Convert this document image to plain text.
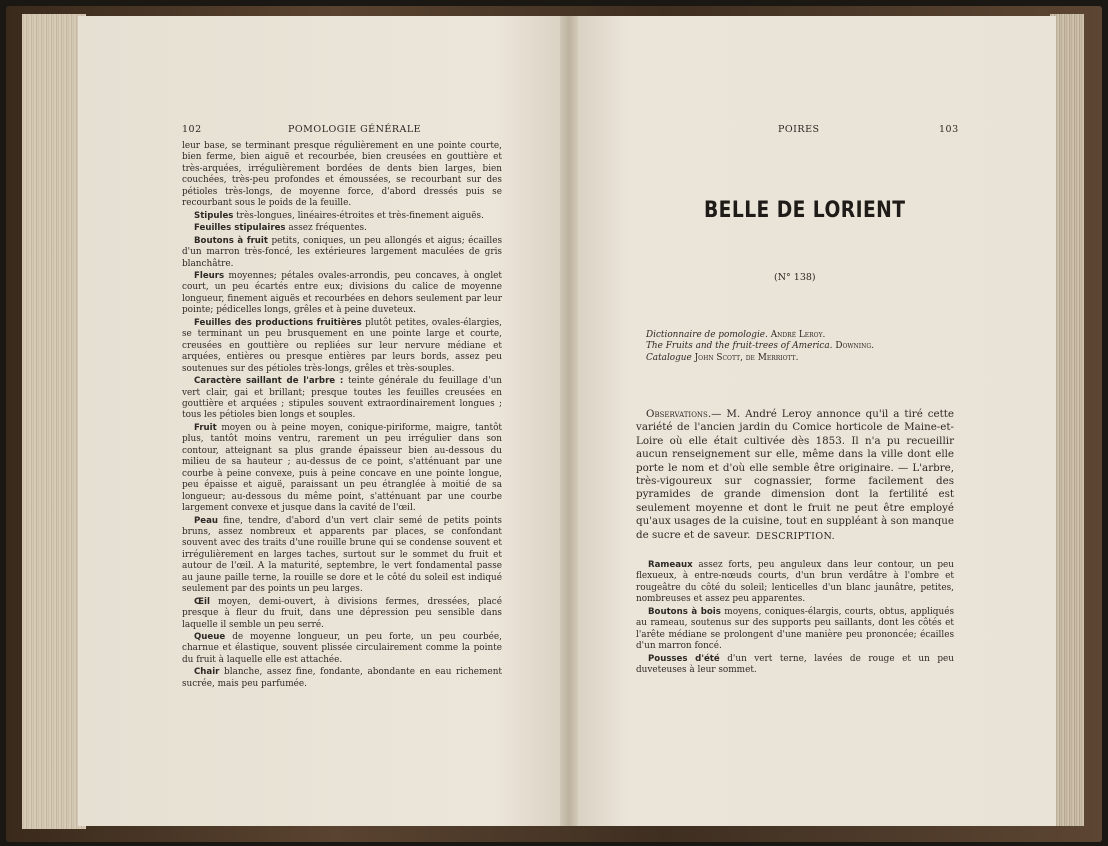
102	POMOLOGIE GÉNÉRALE

leur base, se terminant presque régulièrement en une pointe courte, bien ferme, bien aiguë et recourbée, bien creusées en gouttière et très-arquées, irrégulièrement bordées de dents bien larges, bien couchées, très-peu profondes et émoussées, se recourbant sur des pétioles très-longs, de moyenne force, d'abord dressés puis se recourbant sous le poids de la feuille.

Stipules très-longues, linéaires-étroites et très-finement aiguës.

Feuilles stipulaires assez fréquentes.

Boutons à fruit petits, coniques, un peu allongés et aigus; écailles d'un marron très-foncé, les extérieures largement maculées de gris blanchâtre.

Fleurs moyennes; pétales ovales-arrondis, peu concaves, à onglet court, un peu écartés entre eux; divisions du calice de moyenne longueur, finement aiguës et recourbées en dehors seulement par leur pointe; pédicelles longs, grêles et à peine duveteux.

Feuilles des productions fruitières plutôt petites, ovales-élargies, se terminant un peu brusquement en une pointe large et courte, creusées en gouttière ou repliées sur leur nervure médiane et arquées, entières ou presque entières par leurs bords, assez peu soutenues sur des pétioles très-longs, grêles et très-souples.

Caractère saillant de l'arbre : teinte générale du feuillage d'un vert clair, gai et brillant; presque toutes les feuilles creusées en gouttière et arquées ; stipules souvent extraordinairement longues ; tous les pétioles bien longs et souples.

Fruit moyen ou à peine moyen, conique-piriforme, maigre, tantôt plus, tantôt moins ventru, rarement un peu irrégulier dans son contour, atteignant sa plus grande épaisseur bien au-dessous du milieu de sa hauteur ; au-dessus de ce point, s'atténuant par une courbe à peine convexe, puis à peine concave en une pointe longue, peu épaisse et aiguë, paraissant un peu étranglée à moitié de sa longueur; au-dessous du même point, s'atténuant par une courbe largement convexe et jusque dans la cavité de l'œil.

Peau fine, tendre, d'abord d'un vert clair semé de petits points bruns, assez nombreux et apparents par places, se confondant souvent avec des traits d'une rouille brune qui se condense souvent et irrégulièrement en larges taches, surtout sur le sommet du fruit et autour de l'œil. A la maturité, septembre, le vert fondamental passe au jaune paille terne, la rouille se dore et le côté du soleil est indiqué seulement par des points un peu larges.

Œil moyen, demi-ouvert, à divisions fermes, dressées, placé presque à fleur du fruit, dans une dépression peu sensible dans laquelle il semble un peu serré.

Queue de moyenne longueur, un peu forte, un peu courbée, charnue et élastique, souvent plissée circulairement comme la pointe du fruit à laquelle elle est attachée.

Chair blanche, assez fine, fondante, abondante en eau richement sucrée, mais peu parfumée.

POIRES	103
BELLE DE LORIENT
(N° 138)
Dictionnaire de pomologie. André Leroy.
The Fruits and the fruit-trees of America. Downing.
Catalogue John Scott, de Merriott.

Observations.— M. André Leroy annonce qu'il a tiré cette variété de l'ancien jardin du Comice horticole de Maine-et-Loire où elle était cultivée dès 1853. Il n'a pu recueillir aucun renseignement sur elle, même dans la ville dont elle porte le nom et d'où elle semble être originaire. — L'arbre, très-vigoureux sur cognassier, forme facilement des pyramides de grande dimension dont la fertilité est seulement moyenne et dont le fruit ne peut être employé qu'aux usages de la cuisine, tout en suppléant à son manque de sucre et de saveur. DESCRIPTION.

Rameaux assez forts, peu anguleux dans leur contour, un peu flexueux, à entre-nœuds courts, d'un brun verdâtre à l'ombre et rougeâtre du côté du soleil; lenticelles d'un blanc jaunâtre, petites, nombreuses et assez peu apparentes.

Boutons à bois moyens, coniques-élargis, courts, obtus, appliqués au rameau, soutenus sur des supports peu saillants, dont les côtés et l'arête médiane se prolongent d'une manière peu prononcée; écailles d'un marron foncé.

Pousses d'été d'un vert terne, lavées de rouge et un peu duveteuses à leur sommet.
